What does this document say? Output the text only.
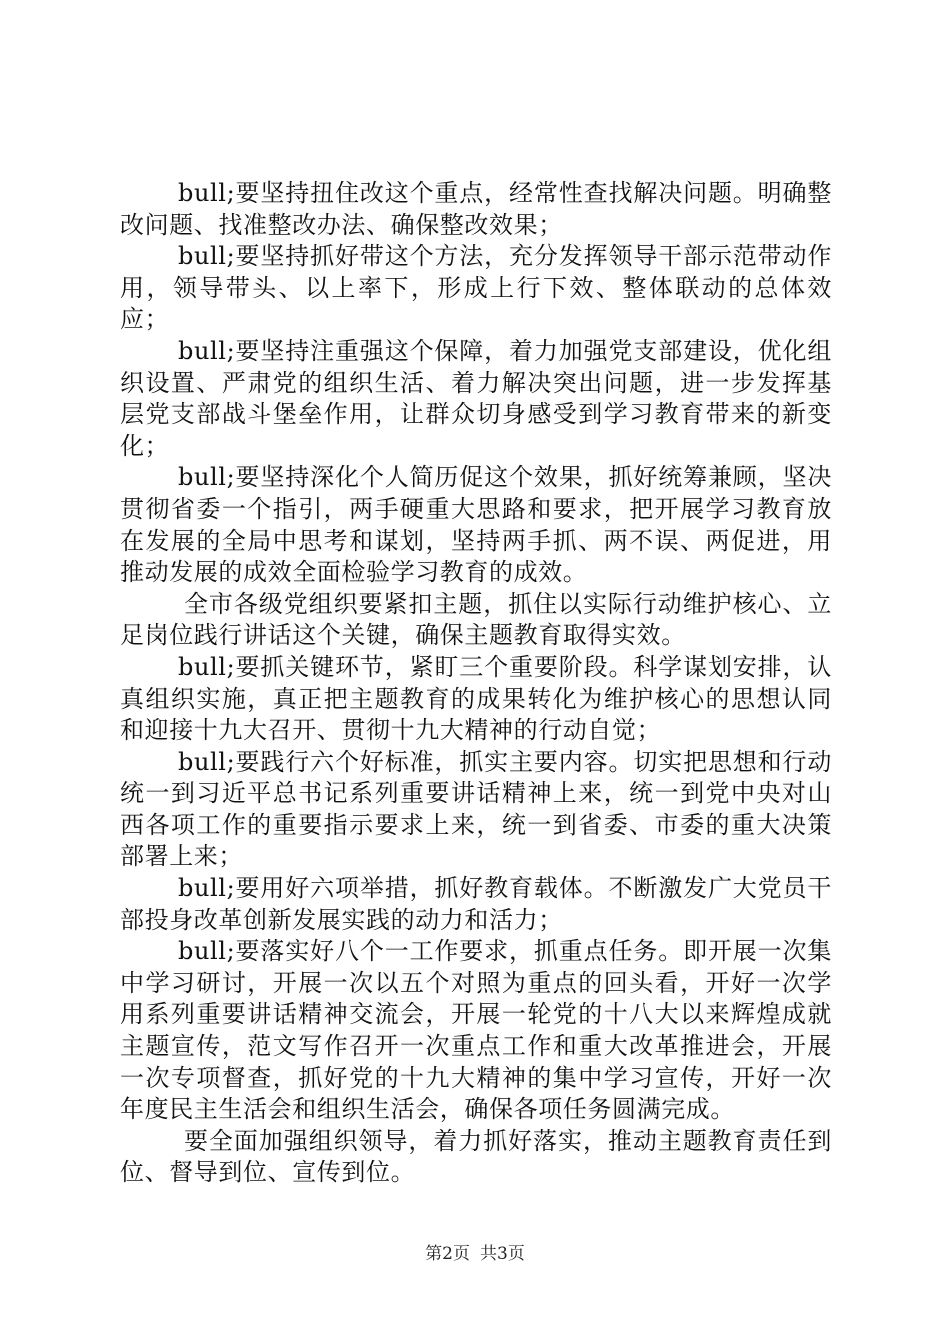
bull;要坚持扭住改这个重点，经常性查找解决问题。明确整改问题、找准整改办法、确保整改效果；

bull;要坚持抓好带这个方法，充分发挥领导干部示范带动作用，领导带头、以上率下，形成上行下效、整体联动的总体效应；

bull;要坚持注重强这个保障，着力加强党支部建设，优化组织设置、严肃党的组织生活、着力解决突出问题，进一步发挥基层党支部战斗堡垒作用，让群众切身感受到学习教育带来的新变化；

bull;要坚持深化个人简历促这个效果，抓好统筹兼顾，坚决贯彻省委一个指引，两手硬重大思路和要求，把开展学习教育放在发展的全局中思考和谋划，坚持两手抓、两不误、两促进，用推动发展的成效全面检验学习教育的成效。

全市各级党组织要紧扣主题，抓住以实际行动维护核心、立足岗位践行讲话这个关键，确保主题教育取得实效。

bull;要抓关键环节，紧盯三个重要阶段。科学谋划安排，认真组织实施，真正把主题教育的成果转化为维护核心的思想认同和迎接十九大召开、贯彻十九大精神的行动自觉；

bull;要践行六个好标准，抓实主要内容。切实把思想和行动统一到习近平总书记系列重要讲话精神上来，统一到党中央对山西各项工作的重要指示要求上来，统一到省委、市委的重大决策部署上来；

bull;要用好六项举措，抓好教育载体。不断激发广大党员干部投身改革创新发展实践的动力和活力；

bull;要落实好八个一工作要求，抓重点任务。即开展一次集中学习研讨，开展一次以五个对照为重点的回头看，开好一次学用系列重要讲话精神交流会，开展一轮党的十八大以来辉煌成就主题宣传，范文写作召开一次重点工作和重大改革推进会，开展一次专项督查，抓好党的十九大精神的集中学习宣传，开好一次年度民主生活会和组织生活会，确保各项任务圆满完成。

要全面加强组织领导，着力抓好落实，推动主题教育责任到位、督导到位、宣传到位。

第2页 共3页
